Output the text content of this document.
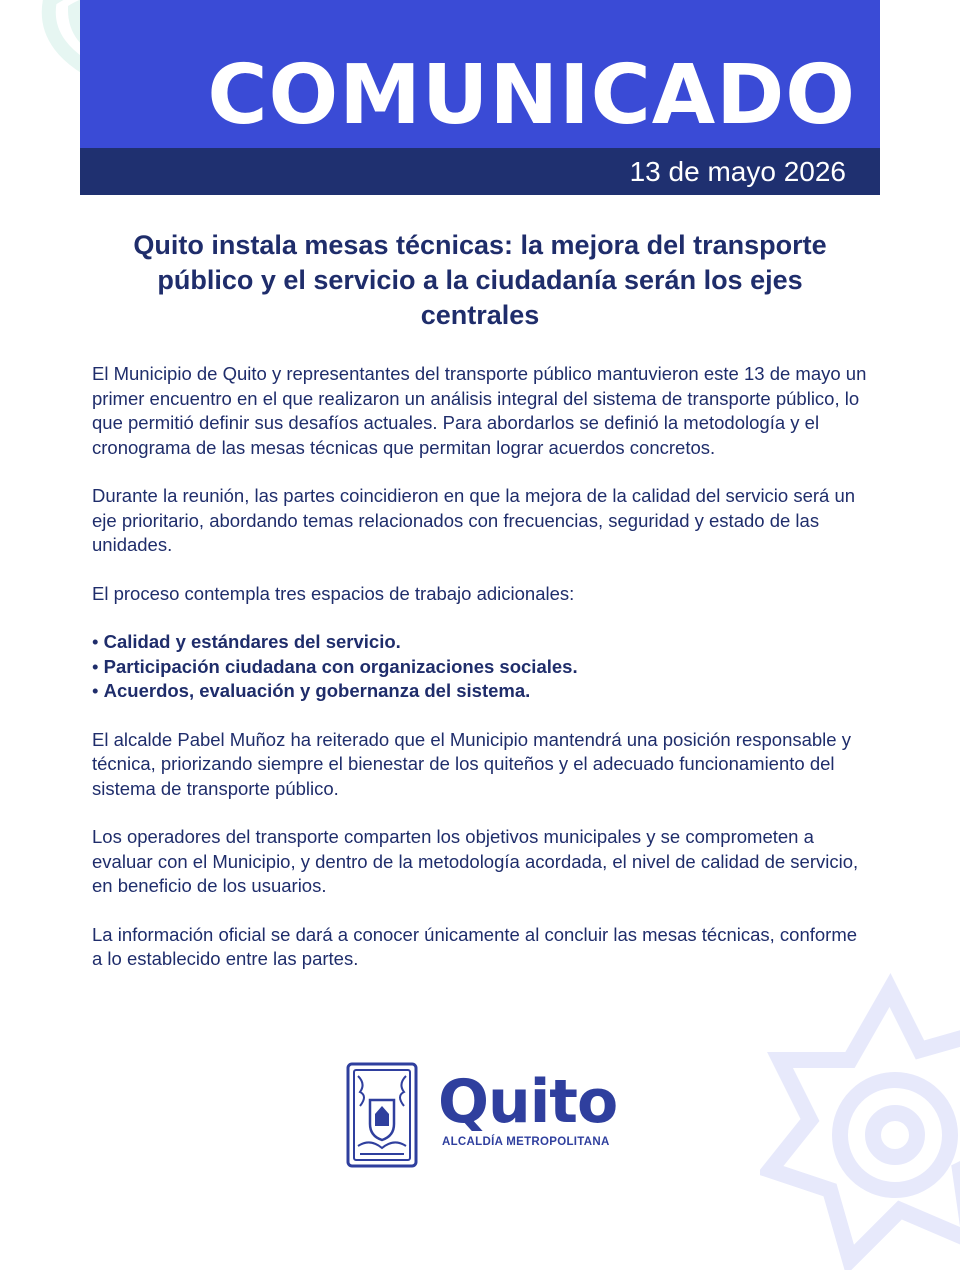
COMUNICADO
13 de mayo 2026
Quito instala mesas técnicas: la mejora del transporte público y el servicio a la ciudadanía serán los ejes centrales

El Municipio de Quito y representantes del transporte público mantuvieron este 13 de mayo un primer encuentro en el que realizaron un análisis integral del sistema de transporte público, lo que permitió definir sus desafíos actuales. Para abordarlos se definió la metodología y el cronograma de las mesas técnicas que permitan lograr acuerdos concretos.

Durante la reunión, las partes coincidieron en que la mejora de la calidad del servicio será un eje prioritario, abordando temas relacionados con frecuencias, seguridad y estado de las unidades.

El proceso contempla tres espacios de trabajo adicionales:

• Calidad y estándares del servicio.
• Participación ciudadana con organizaciones sociales.
• Acuerdos, evaluación y gobernanza del sistema.

El alcalde Pabel Muñoz ha reiterado que el Municipio mantendrá una posición responsable y técnica, priorizando siempre el bienestar de los quiteños y el adecuado funcionamiento del sistema de transporte público.

Los operadores del transporte comparten los objetivos municipales y se comprometen a evaluar con el Municipio, y dentro de la metodología acordada, el nivel de calidad de servicio, en beneficio de los usuarios.

La información oficial se dará a conocer únicamente al concluir las mesas técnicas, conforme a lo establecido entre las partes.

Quito
ALCALDÍA METROPOLITANA
